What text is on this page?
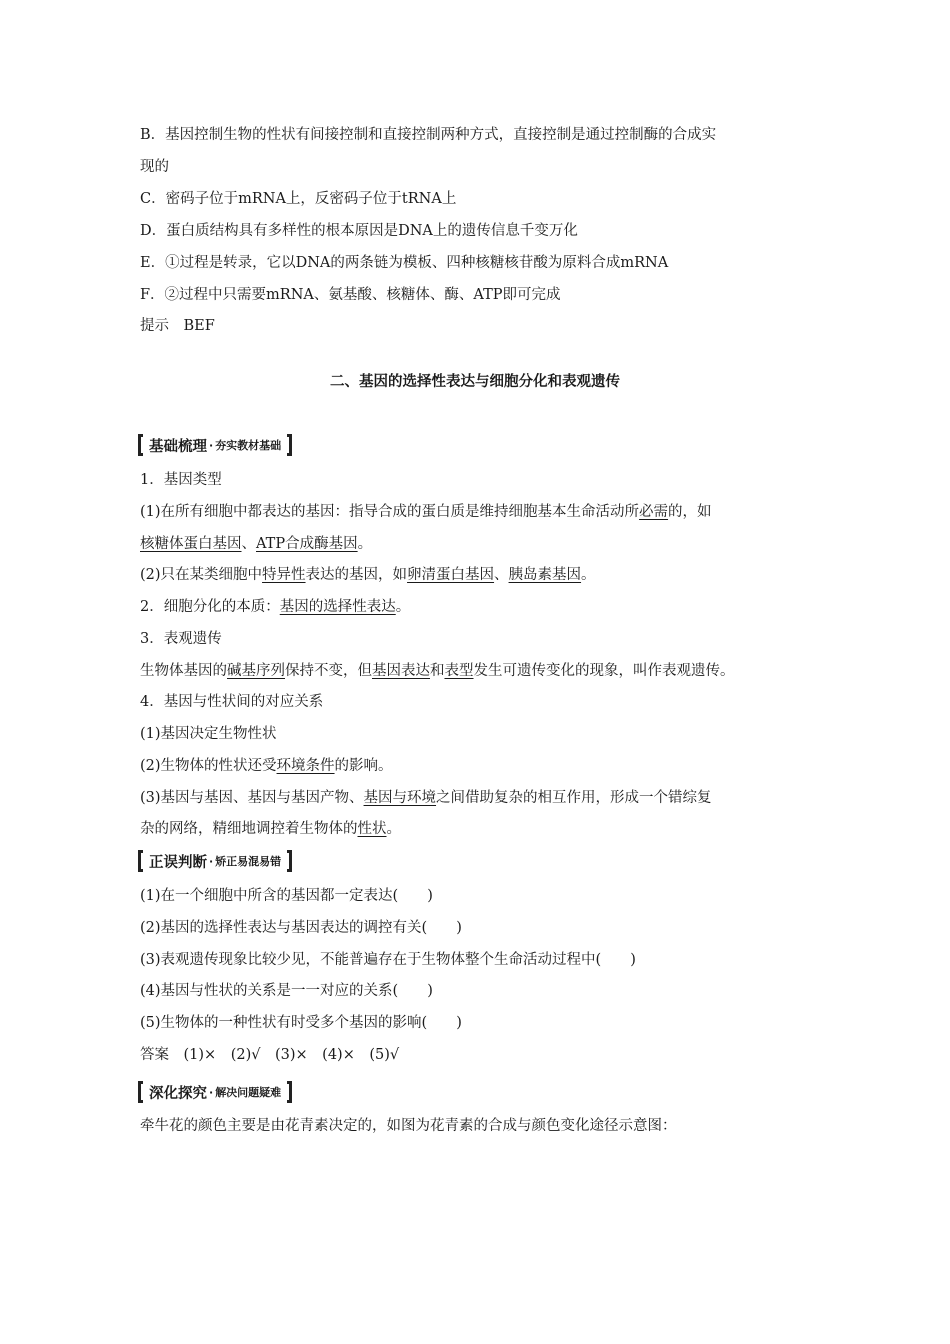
B．基因控制生物的性状有间接控制和直接控制两种方式，直接控制是通过控制酶的合成实
现的
C．密码子位于mRNA上，反密码子位于tRNA上
D．蛋白质结构具有多样性的根本原因是DNA上的遗传信息千变万化
E．①过程是转录，它以DNA的两条链为模板、四种核糖核苷酸为原料合成mRNA
F．②过程中只需要mRNA、氨基酸、核糖体、酶、ATP即可完成
提示　BEF
二、基因的选择性表达与细胞分化和表观遗传
基础梳理 · 夯实教材基础
1．基因类型
(1)在所有细胞中都表达的基因：指导合成的蛋白质是维持细胞基本生命活动所必需的，如
核糖体蛋白基因、ATP合成酶基因。
(2)只在某类细胞中特异性表达的基因，如卵清蛋白基因、胰岛素基因。
2．细胞分化的本质：基因的选择性表达。
3．表观遗传
生物体基因的碱基序列保持不变，但基因表达和表型发生可遗传变化的现象，叫作表观遗传。
4．基因与性状间的对应关系
(1)基因决定生物性状
(2)生物体的性状还受环境条件的影响。
(3)基因与基因、基因与基因产物、基因与环境之间借助复杂的相互作用，形成一个错综复
杂的网络，精细地调控着生物体的性状。
正误判断 · 矫正易混易错
(1)在一个细胞中所含的基因都一定表达(　　)
(2)基因的选择性表达与基因表达的调控有关(　　)
(3)表观遗传现象比较少见，不能普遍存在于生物体整个生命活动过程中(　　)
(4)基因与性状的关系是一一对应的关系(　　)
(5)生物体的一种性状有时受多个基因的影响(　　)
答案　(1)×　(2)√　(3)×　(4)×　(5)√
深化探究 · 解决问题疑难
牵牛花的颜色主要是由花青素决定的，如图为花青素的合成与颜色变化途径示意图：
